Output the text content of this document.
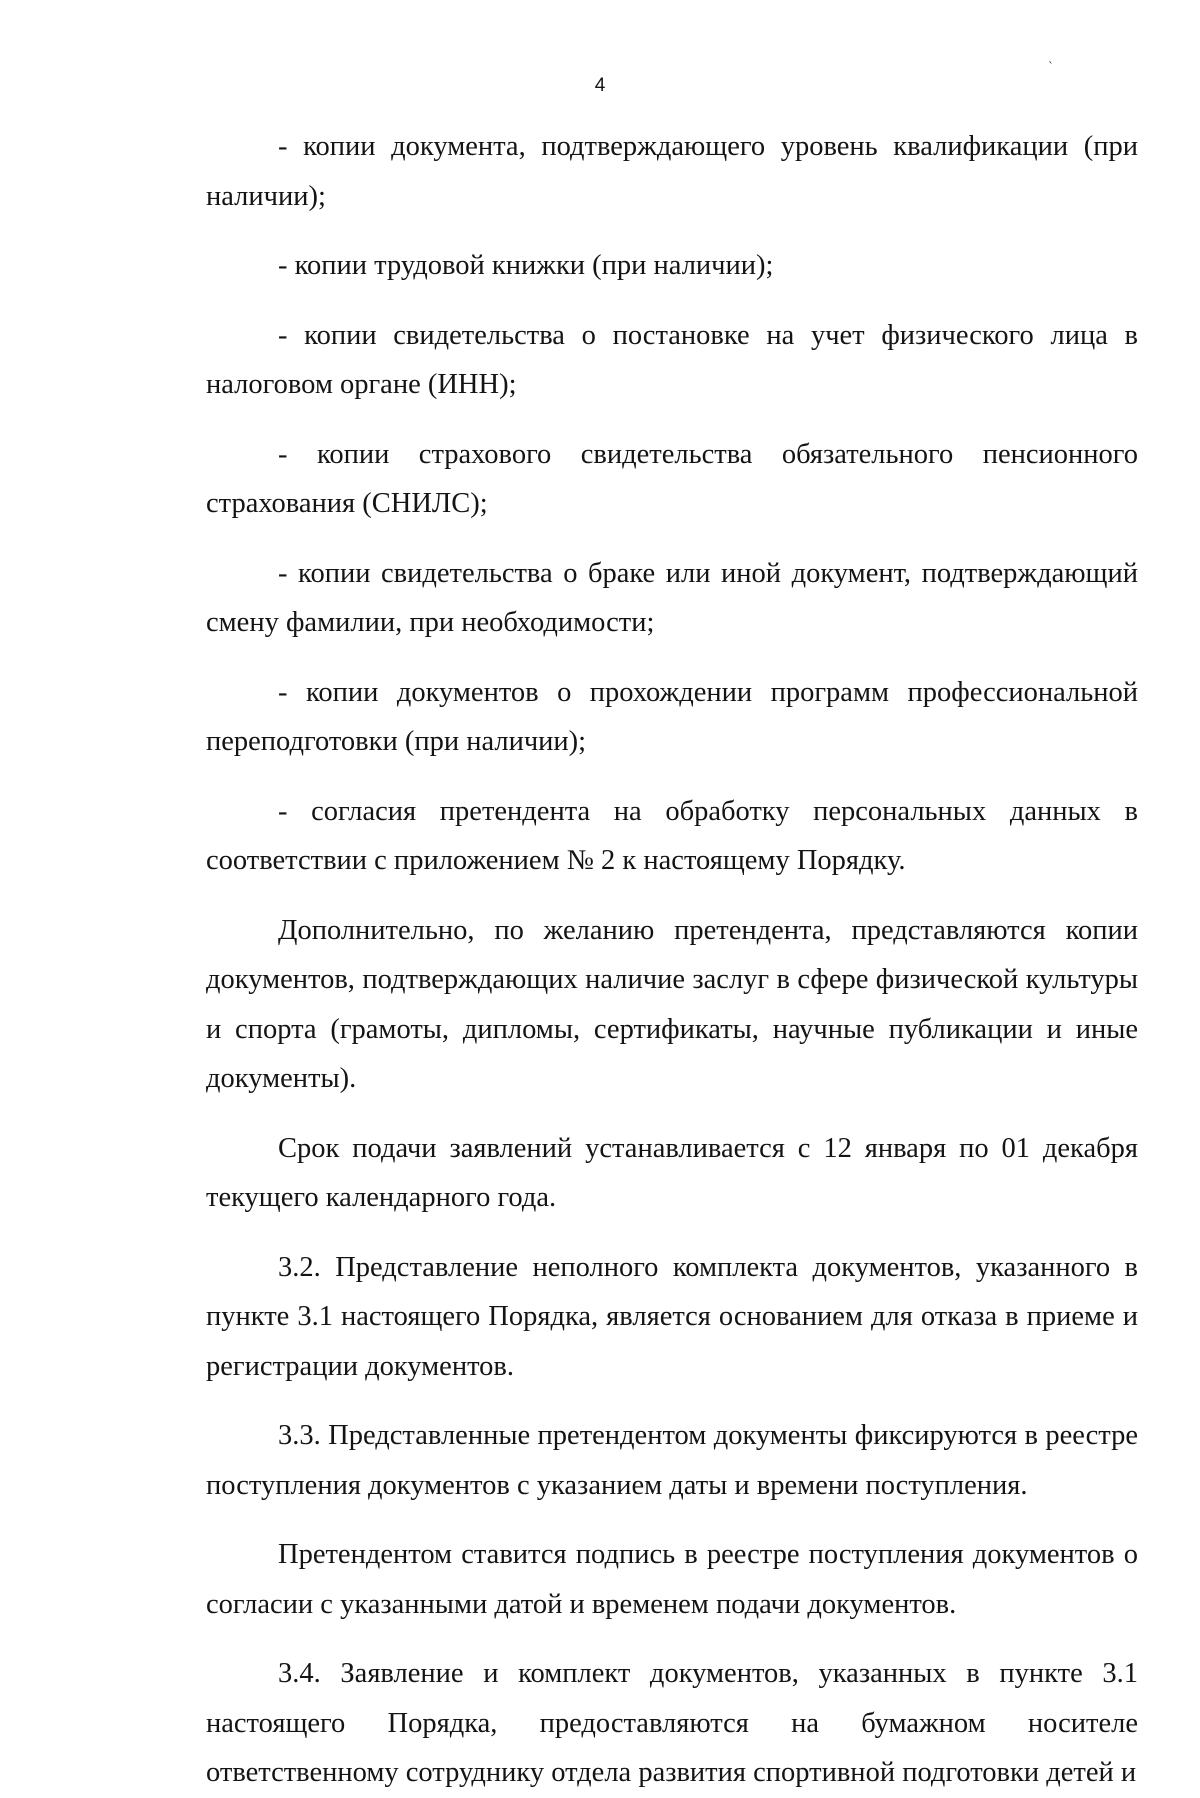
`
4

- копии документа, подтверждающего уровень квалификации (при наличии);

- копии трудовой книжки (при наличии);

- копии свидетельства о постановке на учет физического лица в налоговом органе (ИНН);

- копии страхового свидетельства обязательного пенсионного страхования (СНИЛС);

- копии свидетельства о браке или иной документ, подтверждающий смену фамилии, при необходимости;

- копии документов о прохождении программ профессиональной переподготовки (при наличии);

- согласия претендента на обработку персональных данных в соответствии с приложением № 2 к настоящему Порядку.

Дополнительно, по желанию претендента, представляются копии документов, подтверждающих наличие заслуг в сфере физической культуры и спорта (грамоты, дипломы, сертификаты, научные публикации и иные документы).

Срок подачи заявлений устанавливается с 12 января по 01 декабря текущего календарного года.

3.2. Представление неполного комплекта документов, указанного в пункте 3.1 настоящего Порядка, является основанием для отказа в приеме и регистрации документов.

3.3. Представленные претендентом документы фиксируются в реестре поступления документов с указанием даты и времени поступления.

Претендентом ставится подпись в реестре поступления документов о согласии с указанными датой и временем подачи документов.

3.4. Заявление и комплект документов, указанных в пункте 3.1 настоящего Порядка, предоставляются на бумажном носителе ответственному сотруднику отдела развития спортивной подготовки детей и
